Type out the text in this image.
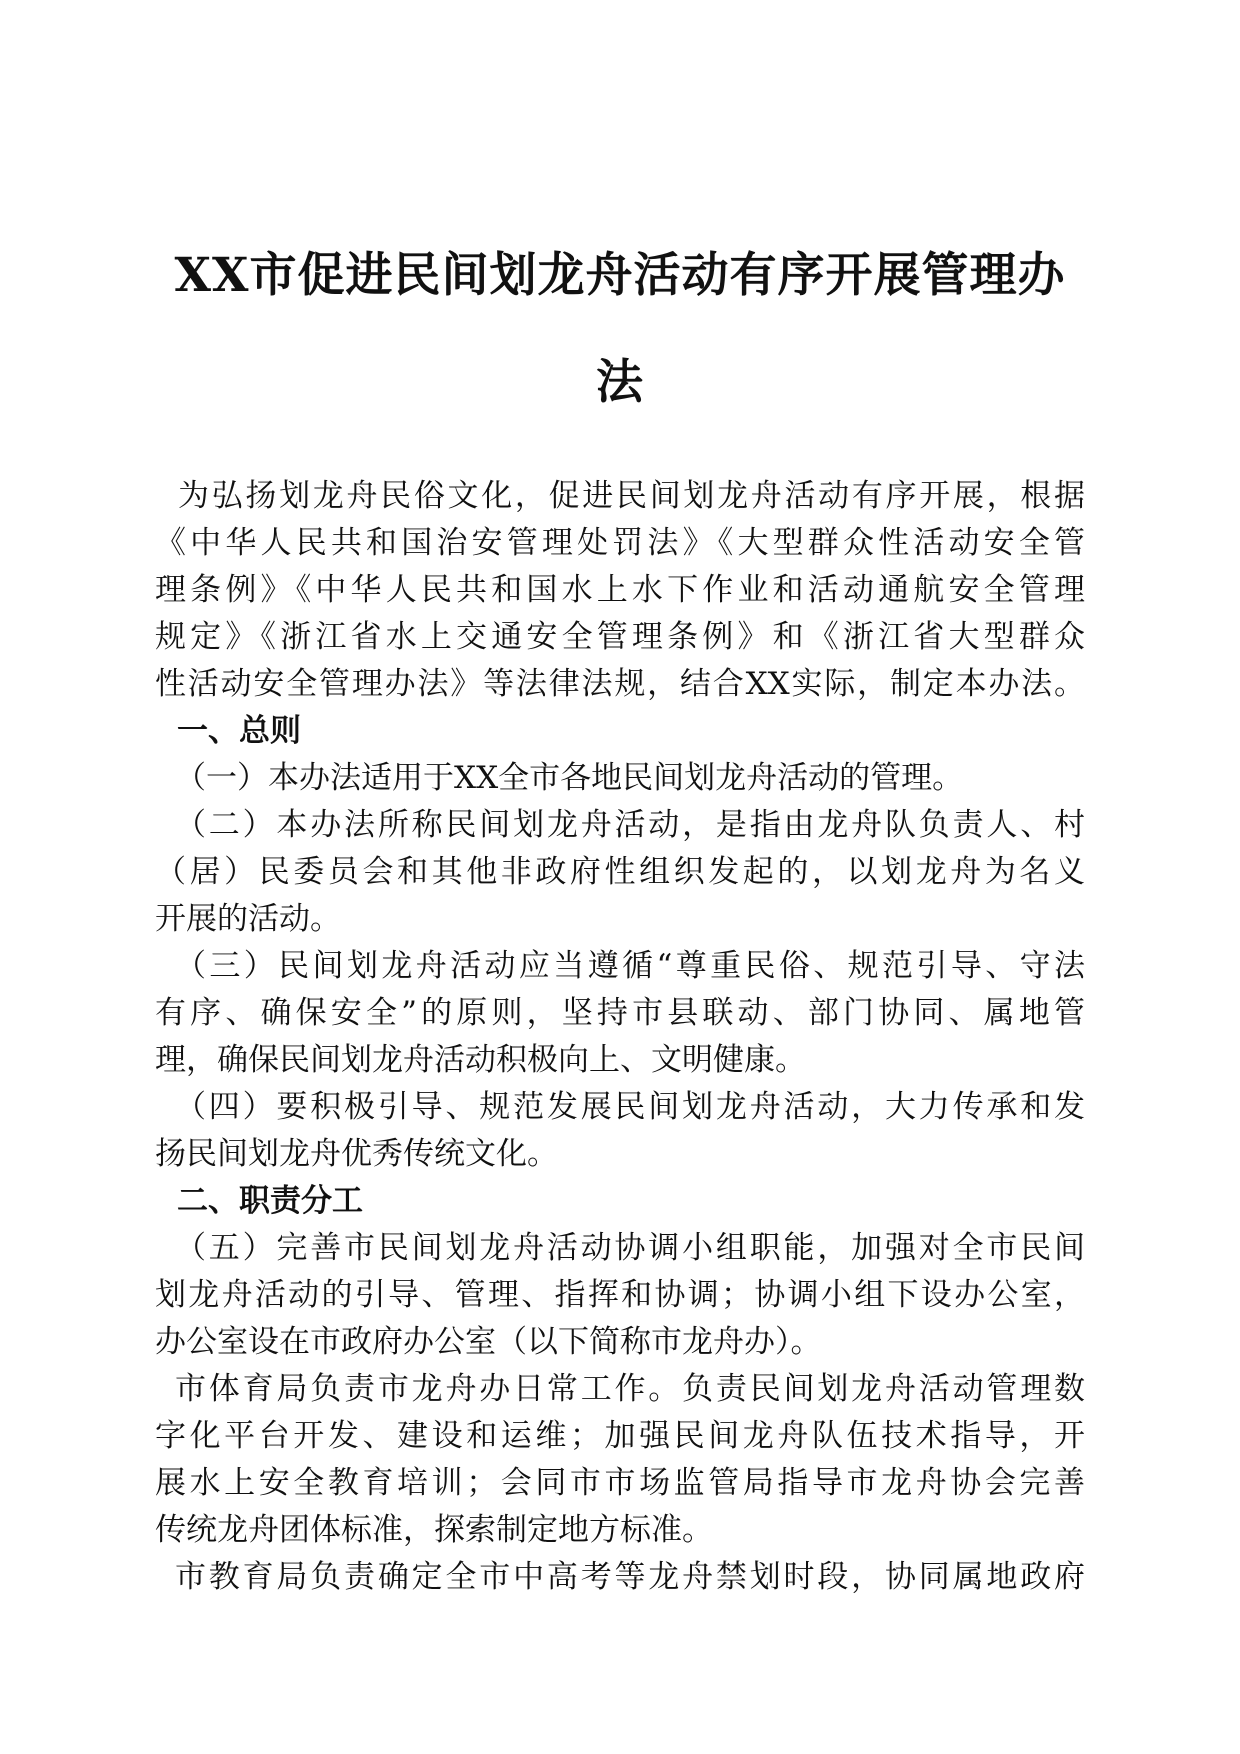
XX市促进民间划龙舟活动有序开展管理办
法
为弘扬划龙舟民俗文化，促进民间划龙舟活动有序开展，根据
《中华人民共和国治安管理处罚法》《大型群众性活动安全管
理条例》《中华人民共和国水上水下作业和活动通航安全管理
规定》《浙江省水上交通安全管理条例》和《浙江省大型群众
性活动安全管理办法》等法律法规，结合XX实际，制定本办法。
一、总则
（一）本办法适用于XX全市各地民间划龙舟活动的管理。
（二）本办法所称民间划龙舟活动，是指由龙舟队负责人、村
（居）民委员会和其他非政府性组织发起的，以划龙舟为名义
开展的活动。
（三）民间划龙舟活动应当遵循“尊重民俗、规范引导、守法
有序、确保安全”的原则，坚持市县联动、部门协同、属地管
理，确保民间划龙舟活动积极向上、文明健康。
（四）要积极引导、规范发展民间划龙舟活动，大力传承和发
扬民间划龙舟优秀传统文化。
二、职责分工
（五）完善市民间划龙舟活动协调小组职能，加强对全市民间
划龙舟活动的引导、管理、指挥和协调；协调小组下设办公室，
办公室设在市政府办公室（以下简称市龙舟办）。
市体育局负责市龙舟办日常工作。负责民间划龙舟活动管理数
字化平台开发、建设和运维；加强民间龙舟队伍技术指导，开
展水上安全教育培训；会同市市场监管局指导市龙舟协会完善
传统龙舟团体标准，探索制定地方标准。
市教育局负责确定全市中高考等龙舟禁划时段，协同属地政府
